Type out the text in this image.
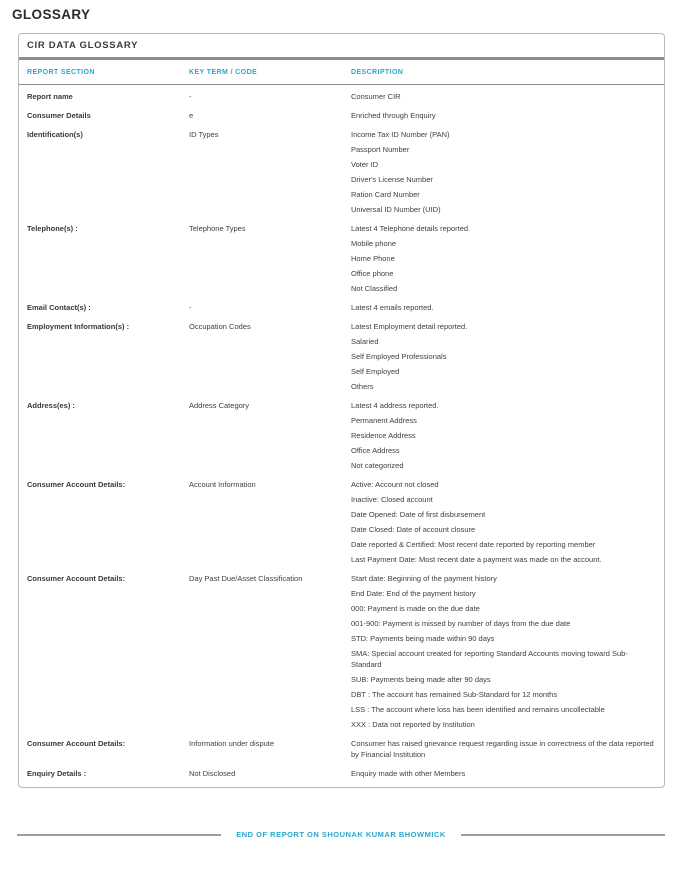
GLOSSARY
CIR DATA GLOSSARY
REPORT SECTION	KEY TERM / CODE	DESCRIPTION
Report name	-	Consumer CIR
Consumer Details	e	Enriched through Enquiry
Identification(s)	ID Types	Income Tax ID Number (PAN)
Passport Number
Voter ID
Driver's License Number
Ration Card Number
Universal ID Number (UID)
Telephone(s) :	Telephone Types	Latest 4 Telephone details reported.
Mobile phone
Home Phone
Office phone
Not Classified
Email Contact(s) :	-	Latest 4 emails reported.
Employment Information(s) :	Occupation Codes	Latest Employment detail reported.
Salaried
Self Employed Professionals
Self Employed
Others
Address(es) :	Address Category	Latest 4 address reported.
Permanent Address
Residence Address
Office Address
Not categorized
Consumer Account Details:	Account Information	Active: Account not closed
Inactive: Closed account
Date Opened: Date of first disbursement
Date Closed: Date of account closure
Date reported & Certified: Most recent date reported by reporting member
Last Payment Date: Most recent date a payment was made on the account.
Consumer Account Details:	Day Past Due/Asset Classification	Start date: Beginning of the payment history
End Date: End of the payment history
000: Payment is made on the due date
001-900: Payment is missed by number of days from the due date
STD: Payments being made within 90 days
SMA: Special account created for reporting Standard Accounts moving toward Sub-Standard
SUB: Payments being made after 90 days
DBT : The account has remained Sub-Standard for 12 months
LSS : The account where loss has been identified and remains uncollectable
XXX : Data not reported by Institution
Consumer Account Details:	Information under dispute	Consumer has raised grievance request regarding issue in correctness of the data reported by Financial Institution
Enquiry Details :	Not Disclosed	Enquiry made with other Members
END OF REPORT ON SHOUNAK KUMAR BHOWMICK
